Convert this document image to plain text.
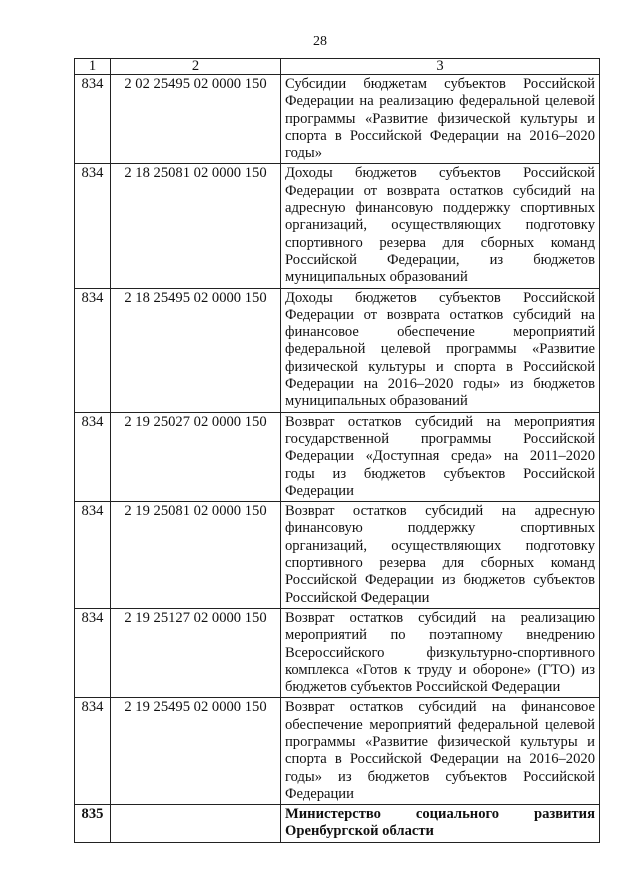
28
1	2	3
834	2 02 25495 02 0000 150	Субсидии бюджетам субъектов Российской Федерации на реализацию федеральной целевой программы «Развитие физической культуры и спорта в Российской Федерации на 2016–2020 годы»
834	2 18 25081 02 0000 150	Доходы бюджетов субъектов Российской Федерации от возврата остатков субсидий на адресную финансовую поддержку спортивных организаций, осуществляющих подготовку спортивного резерва для сборных команд Российской Федерации, из бюджетов муниципальных образований
834	2 18 25495 02 0000 150	Доходы бюджетов субъектов Российской Федерации от возврата остатков субсидий на финансовое обеспечение мероприятий федеральной целевой программы «Развитие физической культуры и спорта в Российской Федерации на 2016–2020 годы» из бюджетов муниципальных образований
834	2 19 25027 02 0000 150	Возврат остатков субсидий на мероприятия государственной программы Российской Федерации «Доступная среда» на 2011–2020 годы из бюджетов субъектов Российской Федерации
834	2 19 25081 02 0000 150	Возврат остатков субсидий на адресную финансовую поддержку спортивных организаций, осуществляющих подготовку спортивного резерва для сборных команд Российской Федерации из бюджетов субъектов Российской Федерации
834	2 19 25127 02 0000 150	Возврат остатков субсидий на реализацию мероприятий по поэтапному внедрению Всероссийского физкультурно-спортивного комплекса «Готов к труду и обороне» (ГТО) из бюджетов субъектов Российской Федерации
834	2 19 25495 02 0000 150	Возврат остатков субсидий на финансовое обеспечение мероприятий федеральной целевой программы «Развитие физической культуры и спорта в Российской Федерации на 2016–2020 годы» из бюджетов субъектов Российской Федерации
835		Министерство социального развития Оренбургской области
